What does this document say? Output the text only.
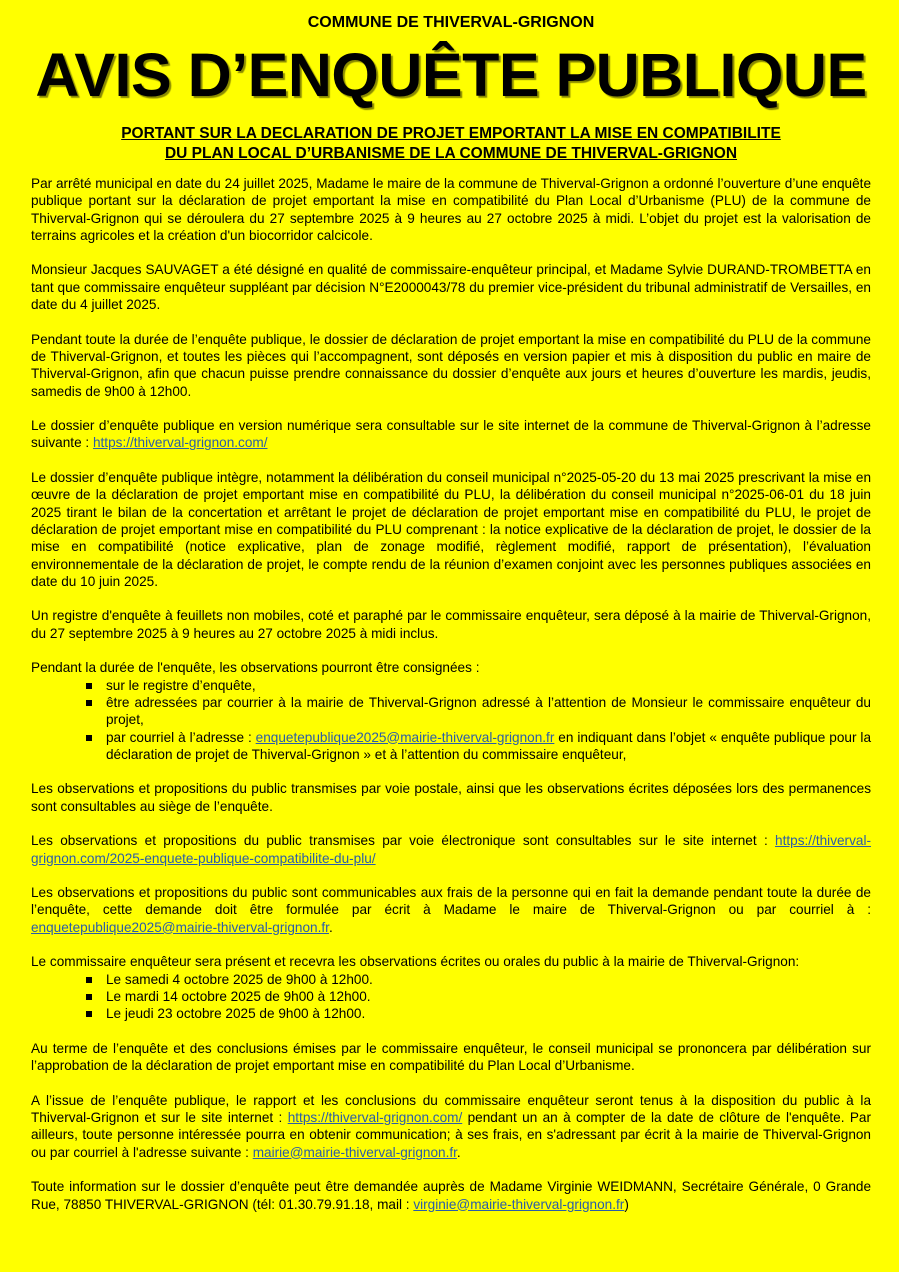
COMMUNE DE THIVERVAL-GRIGNON
AVIS D’ENQUÊTE PUBLIQUE
PORTANT SUR LA DECLARATION DE PROJET EMPORTANT LA MISE EN COMPATIBILITE
DU PLAN LOCAL D’URBANISME DE LA COMMUNE DE THIVERVAL-GRIGNON

Par arrêté municipal en date du 24 juillet 2025, Madame le maire de la commune de Thiverval-Grignon a ordonné l’ouverture d’une enquête publique portant sur la déclaration de projet emportant la mise en compatibilité du Plan Local d’Urbanisme (PLU) de la commune de Thiverval-Grignon qui se déroulera du 27 septembre 2025 à 9 heures au 27 octobre 2025 à midi. L’objet du projet est la valorisation de terrains agricoles et la création d'un biocorridor calcicole.

Monsieur Jacques SAUVAGET a été désigné en qualité de commissaire-enquêteur principal, et Madame Sylvie DURAND-TROMBETTA en tant que commissaire enquêteur suppléant par décision N°E2000043/78 du premier vice-président du tribunal administratif de Versailles, en date du 4 juillet 2025.

Pendant toute la durée de l’enquête publique, le dossier de déclaration de projet emportant la mise en compatibilité du PLU de la commune de Thiverval-Grignon, et toutes les pièces qui l’accompagnent, sont déposés en version papier et mis à disposition du public en maire de Thiverval-Grignon, afin que chacun puisse prendre connaissance du dossier d’enquête aux jours et heures d’ouverture les mardis, jeudis, samedis de 9h00 à 12h00.

Le dossier d’enquête publique en version numérique sera consultable sur le site internet de la commune de Thiverval-Grignon à l’adresse suivante : https://thiverval-grignon.com/

Le dossier d’enquête publique intègre, notamment la délibération du conseil municipal n°2025-05-20 du 13 mai 2025 prescrivant la mise en œuvre de la déclaration de projet emportant mise en compatibilité du PLU, la délibération du conseil municipal n°2025-06-01 du 18 juin 2025 tirant le bilan de la concertation et arrêtant le projet de déclaration de projet emportant mise en compatibilité du PLU, le projet de déclaration de projet emportant mise en compatibilité du PLU comprenant : la notice explicative de la déclaration de projet, le dossier de la mise en compatibilité (notice explicative, plan de zonage modifié, règlement modifié, rapport de présentation), l’évaluation environnementale de la déclaration de projet, le compte rendu de la réunion d’examen conjoint avec les personnes publiques associées en date du 10 juin 2025.

Un registre d'enquête à feuillets non mobiles, coté et paraphé par le commissaire enquêteur, sera déposé à la mairie de Thiverval-Grignon, du 27 septembre 2025 à 9 heures au 27 octobre 2025 à midi inclus.

Pendant la durée de l'enquête, les observations pourront être consignées :

sur le registre d’enquête,
être adressées par courrier à la mairie de Thiverval-Grignon adressé à l’attention de Monsieur le commissaire enquêteur du projet,
par courriel à l’adresse : enquetepublique2025@mairie-thiverval-grignon.fr en indiquant dans l’objet « enquête publique pour la déclaration de projet de Thiverval-Grignon » et à l’attention du commissaire enquêteur,

Les observations et propositions du public transmises par voie postale, ainsi que les observations écrites déposées lors des permanences sont consultables au siège de l’enquête.

Les observations et propositions du public transmises par voie électronique sont consultables sur le site internet : https://thiverval-grignon.com/2025-enquete-publique-compatibilite-du-plu/

Les observations et propositions du public sont communicables aux frais de la personne qui en fait la demande pendant toute la durée de l’enquête, cette demande doit être formulée par écrit à Madame le maire de Thiverval-Grignon ou par courriel à : enquetepublique2025@mairie-thiverval-grignon.fr.

Le commissaire enquêteur sera présent et recevra les observations écrites ou orales du public à la mairie de Thiverval-Grignon:

Le samedi 4 octobre 2025 de 9h00 à 12h00.
Le mardi 14 octobre 2025 de 9h00 à 12h00.
Le jeudi 23 octobre 2025 de 9h00 à 12h00.

Au terme de l’enquête et des conclusions émises par le commissaire enquêteur, le conseil municipal se prononcera par délibération sur l’approbation de la déclaration de projet emportant mise en compatibilité du Plan Local d’Urbanisme.

A l’issue de l’enquête publique, le rapport et les conclusions du commissaire enquêteur seront tenus à la disposition du public à la Thiverval-Grignon et sur le site internet : https://thiverval-grignon.com/ pendant un an à compter de la date de clôture de l'enquête. Par ailleurs, toute personne intéressée pourra en obtenir communication; à ses frais, en s'adressant par écrit à la mairie de Thiverval-Grignon ou par courriel à l'adresse suivante : mairie@mairie-thiverval-grignon.fr.

Toute information sur le dossier d’enquête peut être demandée auprès de Madame Virginie WEIDMANN, Secrétaire Générale, 0 Grande Rue, 78850 THIVERVAL-GRIGNON (tél: 01.30.79.91.18, mail : virginie@mairie-thiverval-grignon.fr)
